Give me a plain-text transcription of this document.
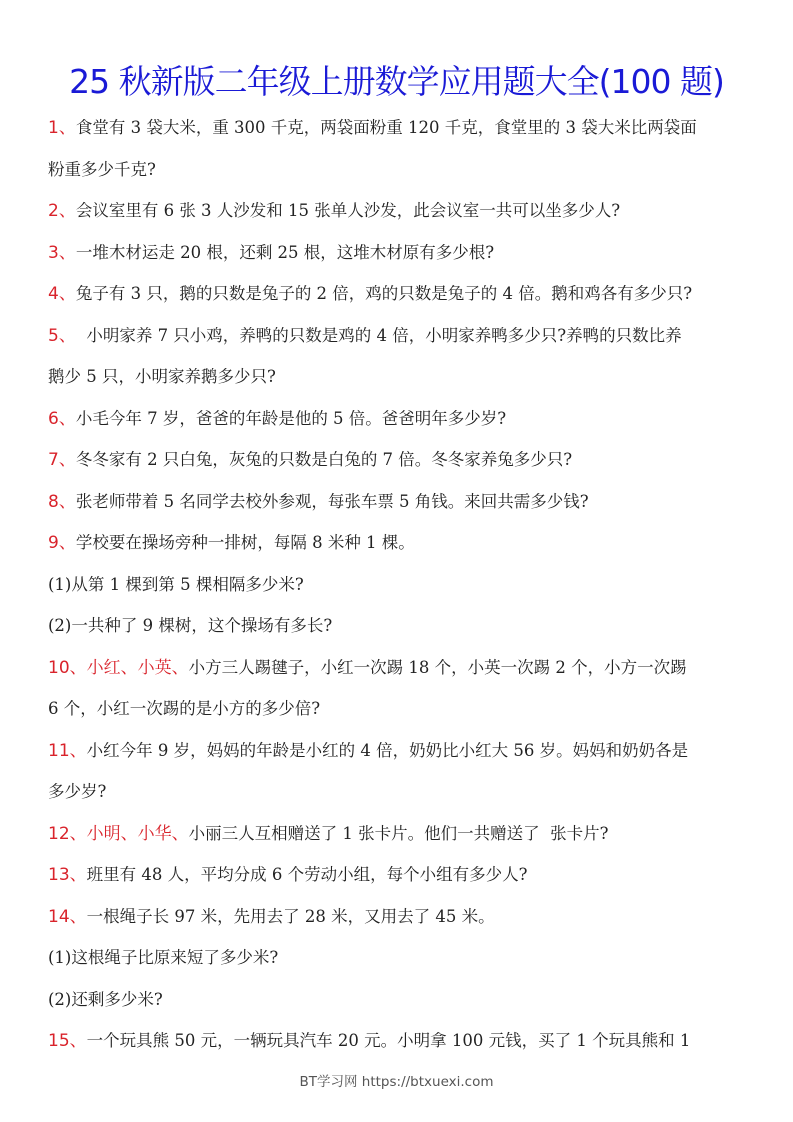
25 秋新版二年级上册数学应用题大全(100 题)
1、食堂有 3 袋大米，重 300 千克，两袋面粉重 120 千克，食堂里的 3 袋大米比两袋面
粉重多少千克?
2、会议室里有 6 张 3 人沙发和 15 张单人沙发，此会议室一共可以坐多少人?
3、一堆木材运走 20 根，还剩 25 根，这堆木材原有多少根?
4、兔子有 3 只，鹅的只数是兔子的 2 倍，鸡的只数是兔子的 4 倍。鹅和鸡各有多少只?
5、  小明家养 7 只小鸡，养鸭的只数是鸡的 4 倍，小明家养鸭多少只?养鸭的只数比养
鹅少 5 只，小明家养鹅多少只?
6、小毛今年 7 岁，爸爸的年龄是他的 5 倍。爸爸明年多少岁?
7、冬冬家有 2 只白兔，灰兔的只数是白兔的 7 倍。冬冬家养兔多少只?
8、张老师带着 5 名同学去校外参观，每张车票 5 角钱。来回共需多少钱?
9、学校要在操场旁种一排树，每隔 8 米种 1 棵。
(1)从第 1 棵到第 5 棵相隔多少米?
(2)一共种了 9 棵树，这个操场有多长?
10、小红、小英、小方三人踢毽子，小红一次踢 18 个，小英一次踢 2 个，小方一次踢
6 个，小红一次踢的是小方的多少倍?
11、小红今年 9 岁，妈妈的年龄是小红的 4 倍，奶奶比小红大 56 岁。妈妈和奶奶各是
多少岁?
12、小明、小华、小丽三人互相赠送了 1 张卡片。他们一共赠送了  张卡片?
13、班里有 48 人，平均分成 6 个劳动小组，每个小组有多少人?
14、一根绳子长 97 米，先用去了 28 米，又用去了 45 米。
(1)这根绳子比原来短了多少米?
(2)还剩多少米?
15、一个玩具熊 50 元，一辆玩具汽车 20 元。小明拿 100 元钱，买了 1 个玩具熊和 1
BT学习网 https://btxuexi.com
